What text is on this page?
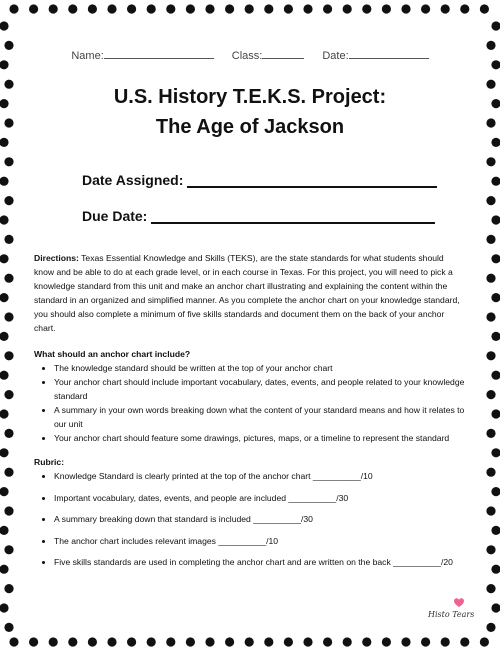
Name:	Class:	Date:
U.S. History T.E.K.S. Project:
The Age of Jackson
Date Assigned:
Due Date:

Directions: Texas Essential Knowledge and Skills (TEKS), are the state standards for what students should know and be able to do at each grade level, or in each course in Texas. For this project, you will need to pick a knowledge standard from this unit and make an anchor chart illustrating and explaining the content within the standard in an organized and simplified manner. As you complete the anchor chart on your knowledge standard, you should also complete a minimum of five skills standards and document them on the back of your anchor chart.

What should an anchor chart include?
• The knowledge standard should be written at the top of your anchor chart
• Your anchor chart should include important vocabulary, dates, events, and people related to your knowledge standard
• A summary in your own words breaking down what the content of your standard means and how it relates to our unit
• Your anchor chart should feature some drawings, pictures, maps, or a timeline to represent the standard
Rubric:
• Knowledge Standard is clearly printed at the top of the anchor chart __________/10
• Important vocabulary, dates, events, and people are included __________/30
• A summary breaking down that standard is included __________/30
• The anchor chart includes relevant images __________/10
• Five skills standards are used in completing the anchor chart and are written on the back __________/20
Histo Tears
